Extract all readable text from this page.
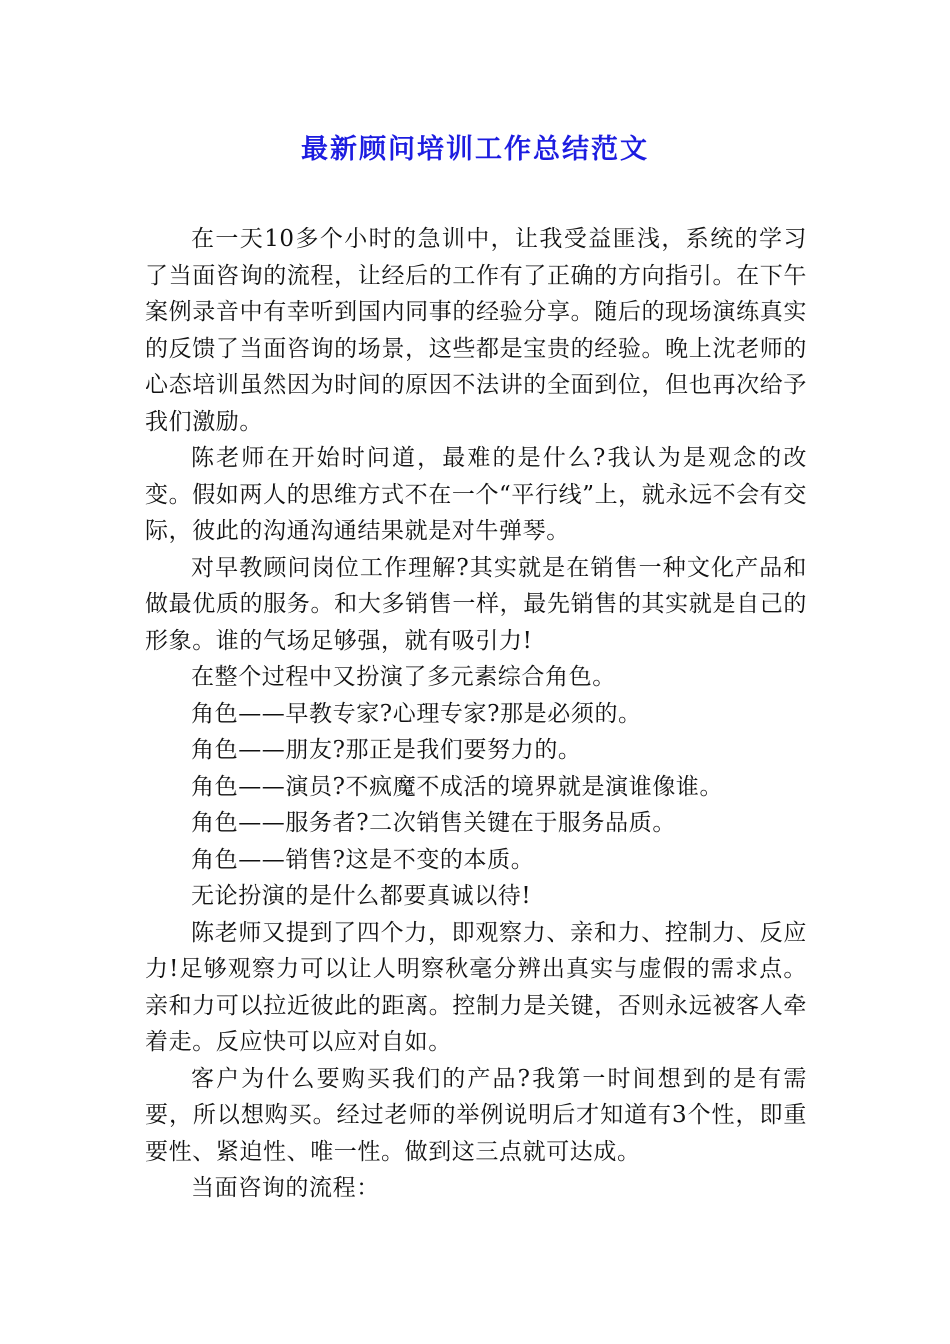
最新顾问培训工作总结范文

在一天10多个小时的急训中，让我受益匪浅，系统的学习了当面咨询的流程，让经后的工作有了正确的方向指引。在下午案例录音中有幸听到国内同事的经验分享。随后的现场演练真实的反馈了当面咨询的场景，这些都是宝贵的经验。晚上沈老师的心态培训虽然因为时间的原因不法讲的全面到位，但也再次给予我们激励。

陈老师在开始时问道，最难的是什么?我认为是观念的改变。假如两人的思维方式不在一个“平行线”上，就永远不会有交际，彼此的沟通沟通结果就是对牛弹琴。

对早教顾问岗位工作理解?其实就是在销售一种文化产品和做最优质的服务。和大多销售一样，最先销售的其实就是自己的形象。谁的气场足够强，就有吸引力!

在整个过程中又扮演了多元素综合角色。

角色——早教专家?心理专家?那是必须的。

角色——朋友?那正是我们要努力的。

角色——演员?不疯魔不成活的境界就是演谁像谁。

角色——服务者?二次销售关键在于服务品质。

角色——销售?这是不变的本质。

无论扮演的是什么都要真诚以待!

陈老师又提到了四个力，即观察力、亲和力、控制力、反应力!足够观察力可以让人明察秋毫分辨出真实与虚假的需求点。亲和力可以拉近彼此的距离。控制力是关键，否则永远被客人牵着走。反应快可以应对自如。

客户为什么要购买我们的产品?我第一时间想到的是有需要，所以想购买。经过老师的举例说明后才知道有3个性，即重要性、紧迫性、唯一性。做到这三点就可达成。

当面咨询的流程：
